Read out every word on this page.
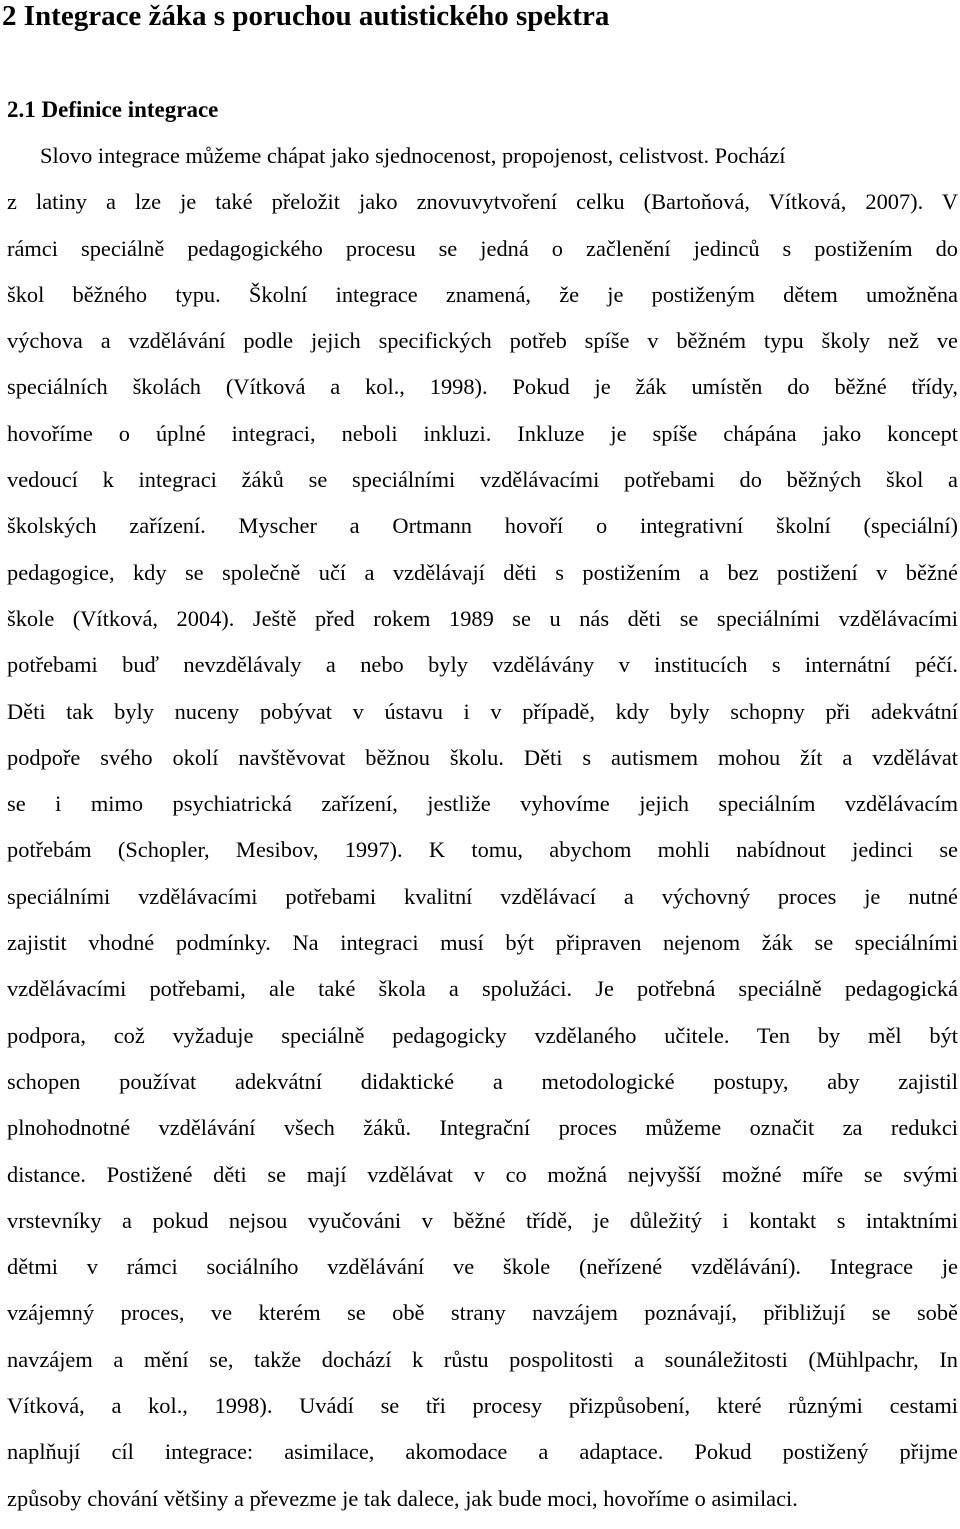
2 Integrace žáka s poruchou autistického spektra
2.1 Definice integrace
Slovo integrace můžeme chápat jako sjednocenost, propojenost, celistvost. Pochází
z latiny a lze je také přeložit jako znovuvytvoření celku (Bartoňová, Vítková, 2007). V
rámci speciálně pedagogického procesu se jedná o začlenění jedinců s postižením do
škol běžného typu. Školní integrace znamená, že je postiženým dětem umožněna
výchova a vzdělávání podle jejich specifických potřeb spíše v běžném typu školy než ve
speciálních školách (Vítková a kol., 1998). Pokud je žák umístěn do běžné třídy,
hovoříme o úplné integraci, neboli inkluzi. Inkluze je spíše chápána jako koncept
vedoucí k integraci žáků se speciálními vzdělávacími potřebami do běžných škol a
školských zařízení. Myscher a Ortmann hovoří o integrativní školní (speciální)
pedagogice, kdy se společně učí a vzdělávají děti s postižením a bez postižení v běžné
škole (Vítková, 2004). Ještě před rokem 1989 se u nás děti se speciálními vzdělávacími
potřebami buď nevzdělávaly a nebo byly vzdělávány v institucích s internátní péčí.
Děti tak byly nuceny pobývat v ústavu i v případě, kdy byly schopny při adekvátní
podpoře svého okolí navštěvovat běžnou školu. Děti s autismem mohou žít a vzdělávat
se i mimo psychiatrická zařízení, jestliže vyhovíme jejich speciálním vzdělávacím
potřebám (Schopler, Mesibov, 1997). K tomu, abychom mohli nabídnout jedinci se
speciálními vzdělávacími potřebami kvalitní vzdělávací a výchovný proces je nutné
zajistit vhodné podmínky. Na integraci musí být připraven nejenom žák se speciálními
vzdělávacími potřebami, ale také škola a spolužáci. Je potřebná speciálně pedagogická
podpora, což vyžaduje speciálně pedagogicky vzdělaného učitele. Ten by měl být
schopen používat adekvátní didaktické a metodologické postupy, aby zajistil
plnohodnotné vzdělávání všech žáků. Integrační proces můžeme označit za redukci
distance. Postižené děti se mají vzdělávat v co možná nejvyšší možné míře se svými
vrstevníky a pokud nejsou vyučováni v běžné třídě, je důležitý i kontakt s intaktními
dětmi v rámci sociálního vzdělávání ve škole (neřízené vzdělávání). Integrace je
vzájemný proces, ve kterém se obě strany navzájem poznávají, přibližují se sobě
navzájem a mění se, takže dochází k růstu pospolitosti a sounáležitosti (Mühlpachr, In
Vítková, a kol., 1998). Uvádí se tři procesy přizpůsobení, které různými cestami
naplňují cíl integrace: asimilace, akomodace a adaptace. Pokud postižený přijme
způsoby chování většiny a převezme je tak dalece, jak bude moci, hovoříme o asimilaci.
